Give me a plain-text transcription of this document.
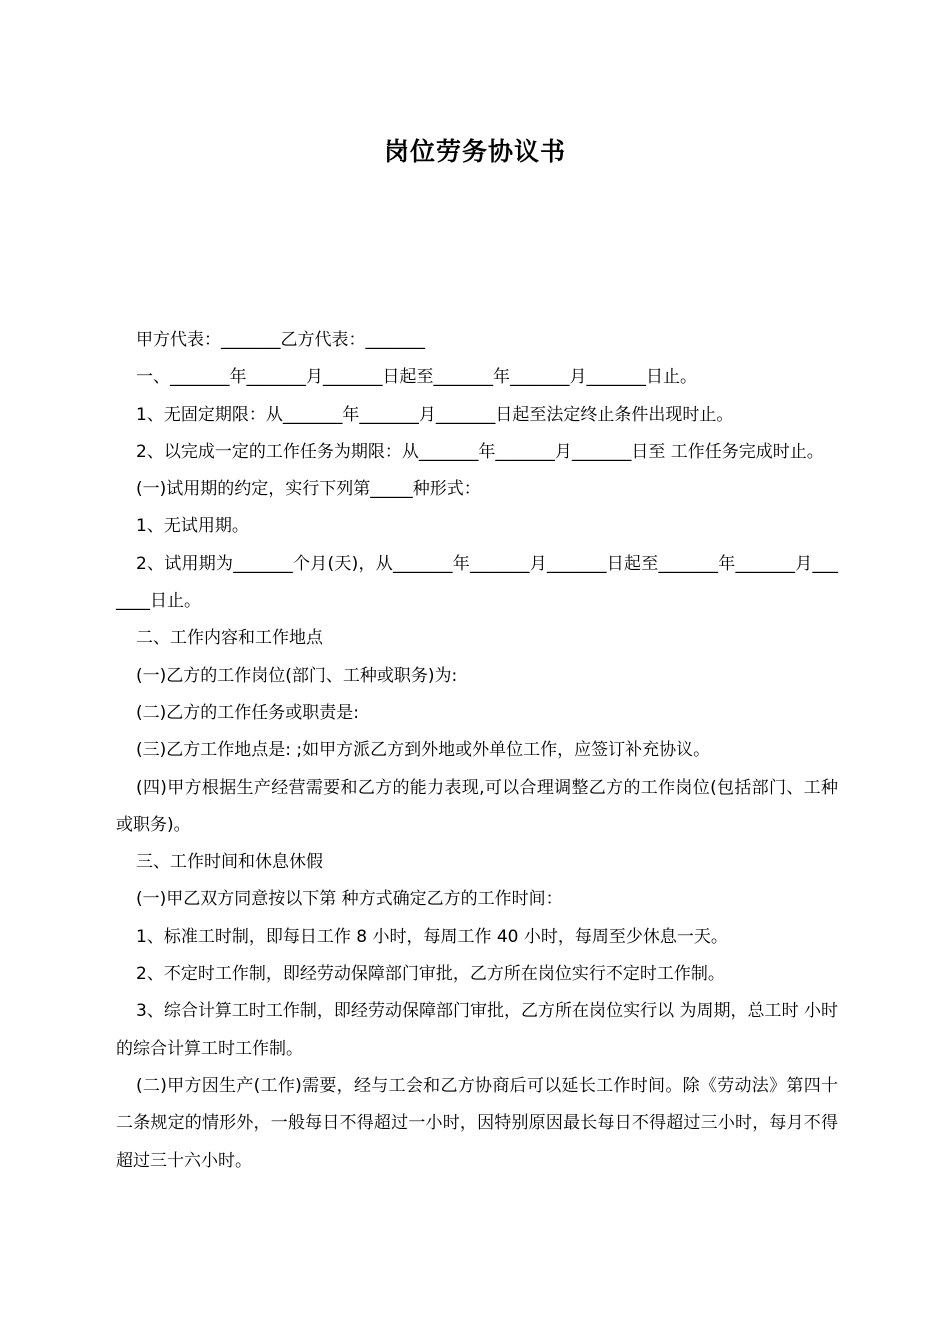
岗位劳务协议书

甲方代表：_______乙方代表：_______

一、_______年_______月_______日起至_______年_______月_______日止。

1、无固定期限：从_______年_______月_______日起至法定终止条件出现时止。

2、以完成一定的工作任务为期限：从_______年_______月_______日至 工作任务完成时止。

(一)试用期的约定，实行下列第_____种形式：

1、无试用期。

2、试用期为_______个月(天)，从_______年_______月_______日起至_______年_______月_______日止。

二、工作内容和工作地点

(一)乙方的工作岗位(部门、工种或职务)为:

(二)乙方的工作任务或职责是:

(三)乙方工作地点是: ;如甲方派乙方到外地或外单位工作，应签订补充协议。

(四)甲方根据生产经营需要和乙方的能力表现,可以合理调整乙方的工作岗位(包括部门、工种或职务)。

三、工作时间和休息休假

(一)甲乙双方同意按以下第 种方式确定乙方的工作时间：

1、标准工时制，即每日工作 8 小时，每周工作 40 小时，每周至少休息一天。

2、不定时工作制，即经劳动保障部门审批，乙方所在岗位实行不定时工作制。

3、综合计算工时工作制，即经劳动保障部门审批，乙方所在岗位实行以 为周期，总工时 小时的综合计算工时工作制。

(二)甲方因生产(工作)需要，经与工会和乙方协商后可以延长工作时间。除《劳动法》第四十二条规定的情形外，一般每日不得超过一小时，因特别原因最长每日不得超过三小时，每月不得超过三十六小时。
